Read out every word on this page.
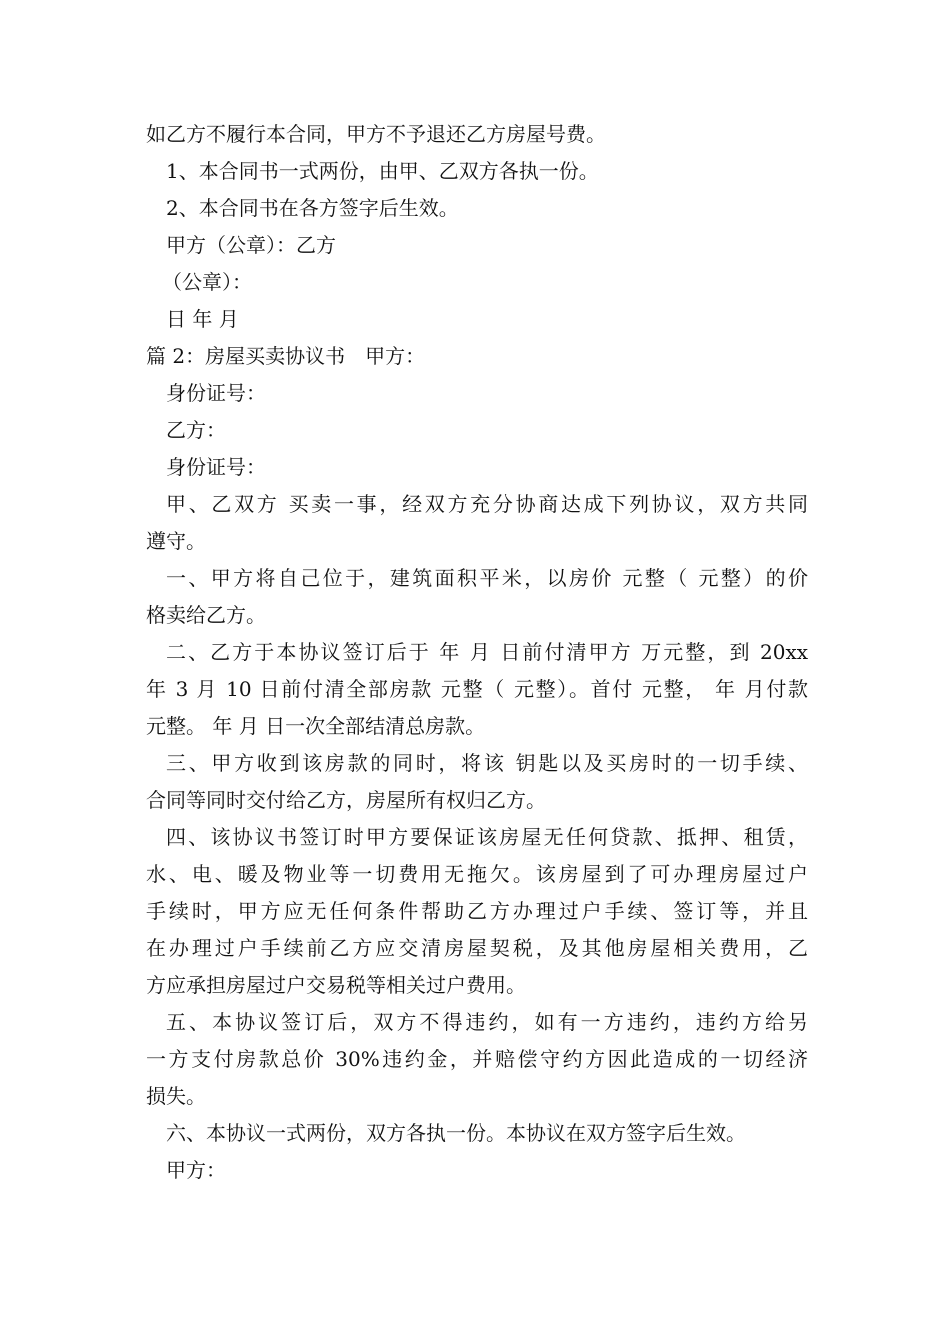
如乙方不履行本合同，甲方不予退还乙方房屋号费。
1、本合同书一式两份，由甲、乙双方各执一份。
2、本合同书在各方签字后生效。
甲方（公章）：乙方
（公章）：
日 年 月
篇 2：房屋买卖协议书　甲方：
身份证号：
乙方：
身份证号：
甲、乙双方 买卖一事，经双方充分协商达成下列协议，双方共同
遵守。
一、甲方将自己位于，建筑面积平米，以房价 元整（ 元整）的价
格卖给乙方。
二、乙方于本协议签订后于 年 月 日前付清甲方 万元整，到 20xx
年 3 月 10 日前付清全部房款 元整（ 元整）。首付 元整， 年 月付款
元整。 年 月 日一次全部结清总房款。
三、甲方收到该房款的同时，将该 钥匙以及买房时的一切手续、
合同等同时交付给乙方，房屋所有权归乙方。
四、该协议书签订时甲方要保证该房屋无任何贷款、抵押、租赁，
水、电、暖及物业等一切费用无拖欠。该房屋到了可办理房屋过户
手续时，甲方应无任何条件帮助乙方办理过户手续、签订等，并且
在办理过户手续前乙方应交清房屋契税，及其他房屋相关费用，乙
方应承担房屋过户交易税等相关过户费用。
五、本协议签订后，双方不得违约，如有一方违约，违约方给另
一方支付房款总价 30%违约金，并赔偿守约方因此造成的一切经济
损失。
六、本协议一式两份，双方各执一份。本协议在双方签字后生效。
甲方：
